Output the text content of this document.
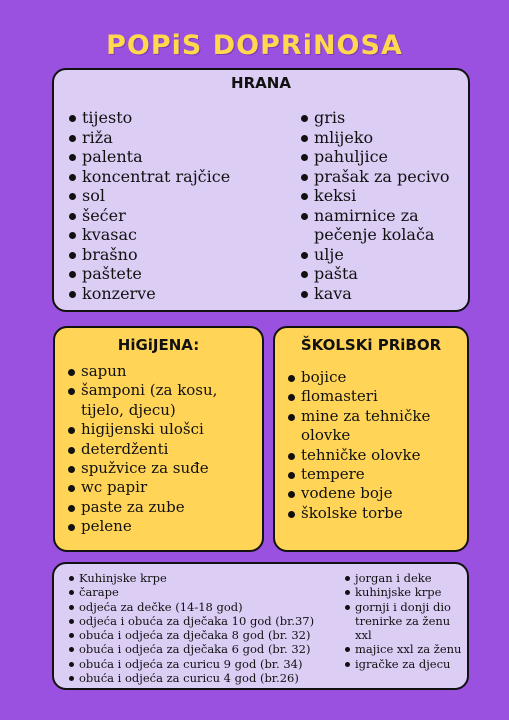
POPiS DOPRiNOSA
HRANA
tijesto
riža
palenta
koncentrat rajčice
sol
šećer
kvasac
brašno
paštete
konzerve
gris
mlijeko
pahuljice
prašak za pecivo
keksi
namirnice za pečenje kolača
ulje
pašta
kava
HiGiJENA:
sapun
šamponi (za kosu, tijelo, djecu)
higijenski ulošci
deterdženti
spužvice za suđe
wc papir
paste za zube
pelene
ŠKOLSKi PRiBOR
bojice
flomasteri
mine za tehničke olovke
tehničke olovke
tempere
vodene boje
školske torbe
Kuhinjske krpe
čarape
odjeća za dečke (14-18 god)
odjeća i obuća za dječaka 10 god (br.37)
obuća i odjeća za dječaka 8 god (br. 32)
obuća i odjeća za dječaka 6 god (br. 32)
obuća i odjeća za curicu 9 god (br. 34)
obuća i odjeća za curicu 4 god (br.26)
jorgan i deke
kuhinjske krpe
gornji i donji dio trenirke za ženu xxl
majice xxl za ženu
igračke za djecu
